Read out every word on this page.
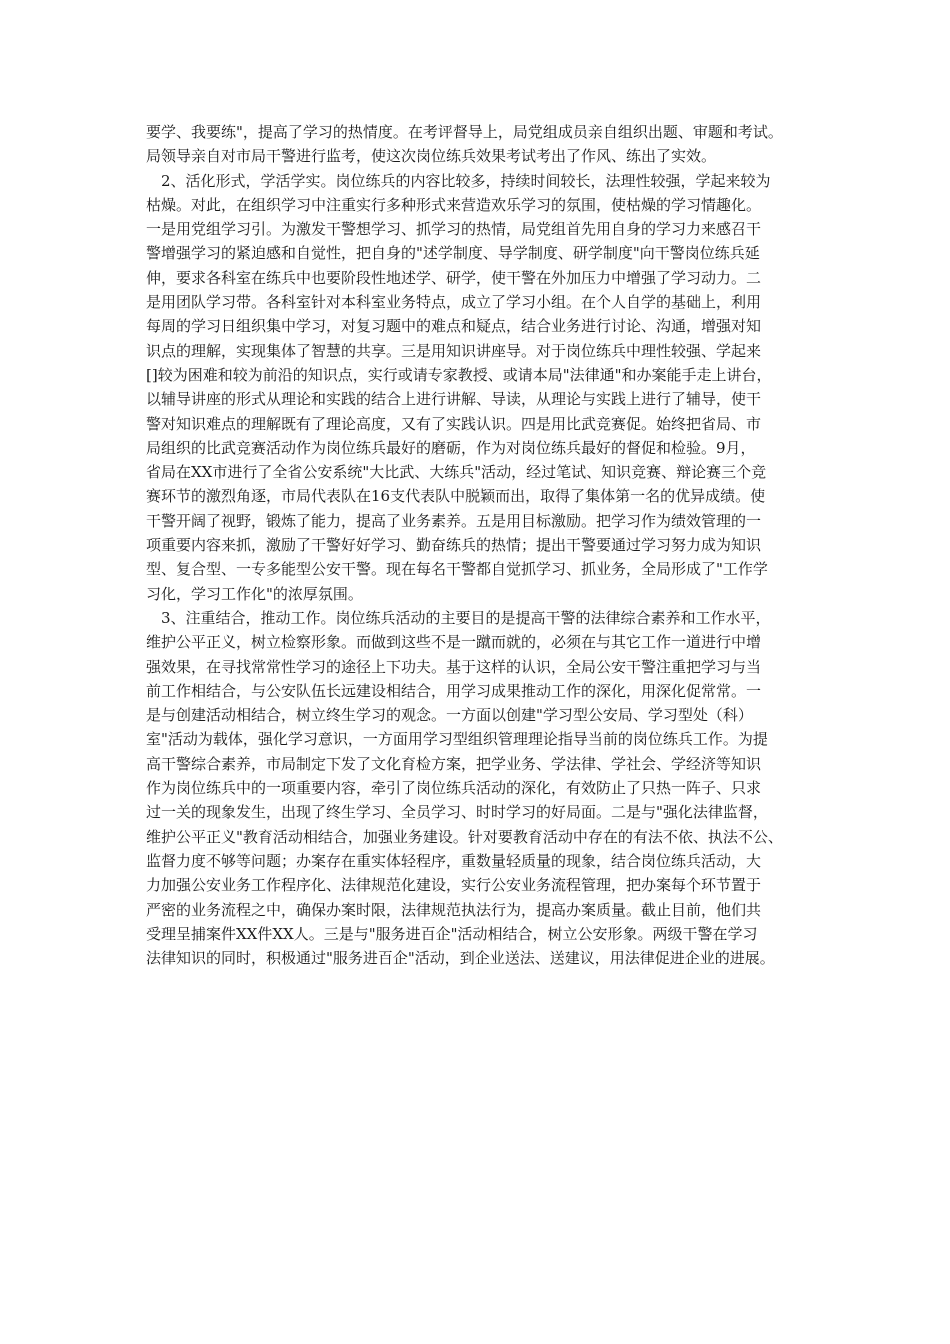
要学、我要练"，提高了学习的热情度。在考评督导上，局党组成员亲自组织出题、审题和考试。
局领导亲自对市局干警进行监考，使这次岗位练兵效果考试考出了作风、练出了实效。
　2、活化形式，学活学实。岗位练兵的内容比较多，持续时间较长，法理性较强，学起来较为
枯燥。对此，在组织学习中注重实行多种形式来营造欢乐学习的氛围，使枯燥的学习情趣化。
一是用党组学习引。为激发干警想学习、抓学习的热情，局党组首先用自身的学习力来感召干
警增强学习的紧迫感和自觉性，把自身的"述学制度、导学制度、研学制度"向干警岗位练兵延
伸，要求各科室在练兵中也要阶段性地述学、研学，使干警在外加压力中增强了学习动力。二
是用团队学习带。各科室针对本科室业务特点，成立了学习小组。在个人自学的基础上，利用
每周的学习日组织集中学习，对复习题中的难点和疑点，结合业务进行讨论、沟通，增强对知
识点的理解，实现集体了智慧的共享。三是用知识讲座导。对于岗位练兵中理性较强、学起来
[]较为困难和较为前沿的知识点，实行或请专家教授、或请本局"法律通"和办案能手走上讲台，
以辅导讲座的形式从理论和实践的结合上进行讲解、导读，从理论与实践上进行了辅导，使干
警对知识难点的理解既有了理论高度，又有了实践认识。四是用比武竞赛促。始终把省局、市
局组织的比武竞赛活动作为岗位练兵最好的磨砺，作为对岗位练兵最好的督促和检验。9月，
省局在XX市进行了全省公安系统"大比武、大练兵"活动，经过笔试、知识竞赛、辩论赛三个竞
赛环节的激烈角逐，市局代表队在16支代表队中脱颖而出，取得了集体第一名的优异成绩。使
干警开阔了视野，锻炼了能力，提高了业务素养。五是用目标激励。把学习作为绩效管理的一
项重要内容来抓，激励了干警好好学习、勤奋练兵的热情；提出干警要通过学习努力成为知识
型、复合型、一专多能型公安干警。现在每名干警都自觉抓学习、抓业务，全局形成了"工作学
习化，学习工作化"的浓厚氛围。
　3、注重结合，推动工作。岗位练兵活动的主要目的是提高干警的法律综合素养和工作水平，
维护公平正义，树立检察形象。而做到这些不是一蹴而就的，必须在与其它工作一道进行中增
强效果，在寻找常常性学习的途径上下功夫。基于这样的认识，全局公安干警注重把学习与当
前工作相结合，与公安队伍长远建设相结合，用学习成果推动工作的深化，用深化促常常。一
是与创建活动相结合，树立终生学习的观念。一方面以创建"学习型公安局、学习型处（科）
室"活动为载体，强化学习意识，一方面用学习型组织管理理论指导当前的岗位练兵工作。为提
高干警综合素养，市局制定下发了文化育检方案，把学业务、学法律、学社会、学经济等知识
作为岗位练兵中的一项重要内容，牵引了岗位练兵活动的深化，有效防止了只热一阵子、只求
过一关的现象发生，出现了终生学习、全员学习、时时学习的好局面。二是与"强化法律监督，
维护公平正义"教育活动相结合，加强业务建设。针对要教育活动中存在的有法不依、执法不公、
监督力度不够等问题；办案存在重实体轻程序，重数量轻质量的现象，结合岗位练兵活动，大
力加强公安业务工作程序化、法律规范化建设，实行公安业务流程管理，把办案每个环节置于
严密的业务流程之中，确保办案时限，法律规范执法行为，提高办案质量。截止目前，他们共
受理呈捕案件XX件XX人。三是与"服务进百企"活动相结合，树立公安形象。两级干警在学习
法律知识的同时，积极通过"服务进百企"活动，到企业送法、送建议，用法律促进企业的进展。
